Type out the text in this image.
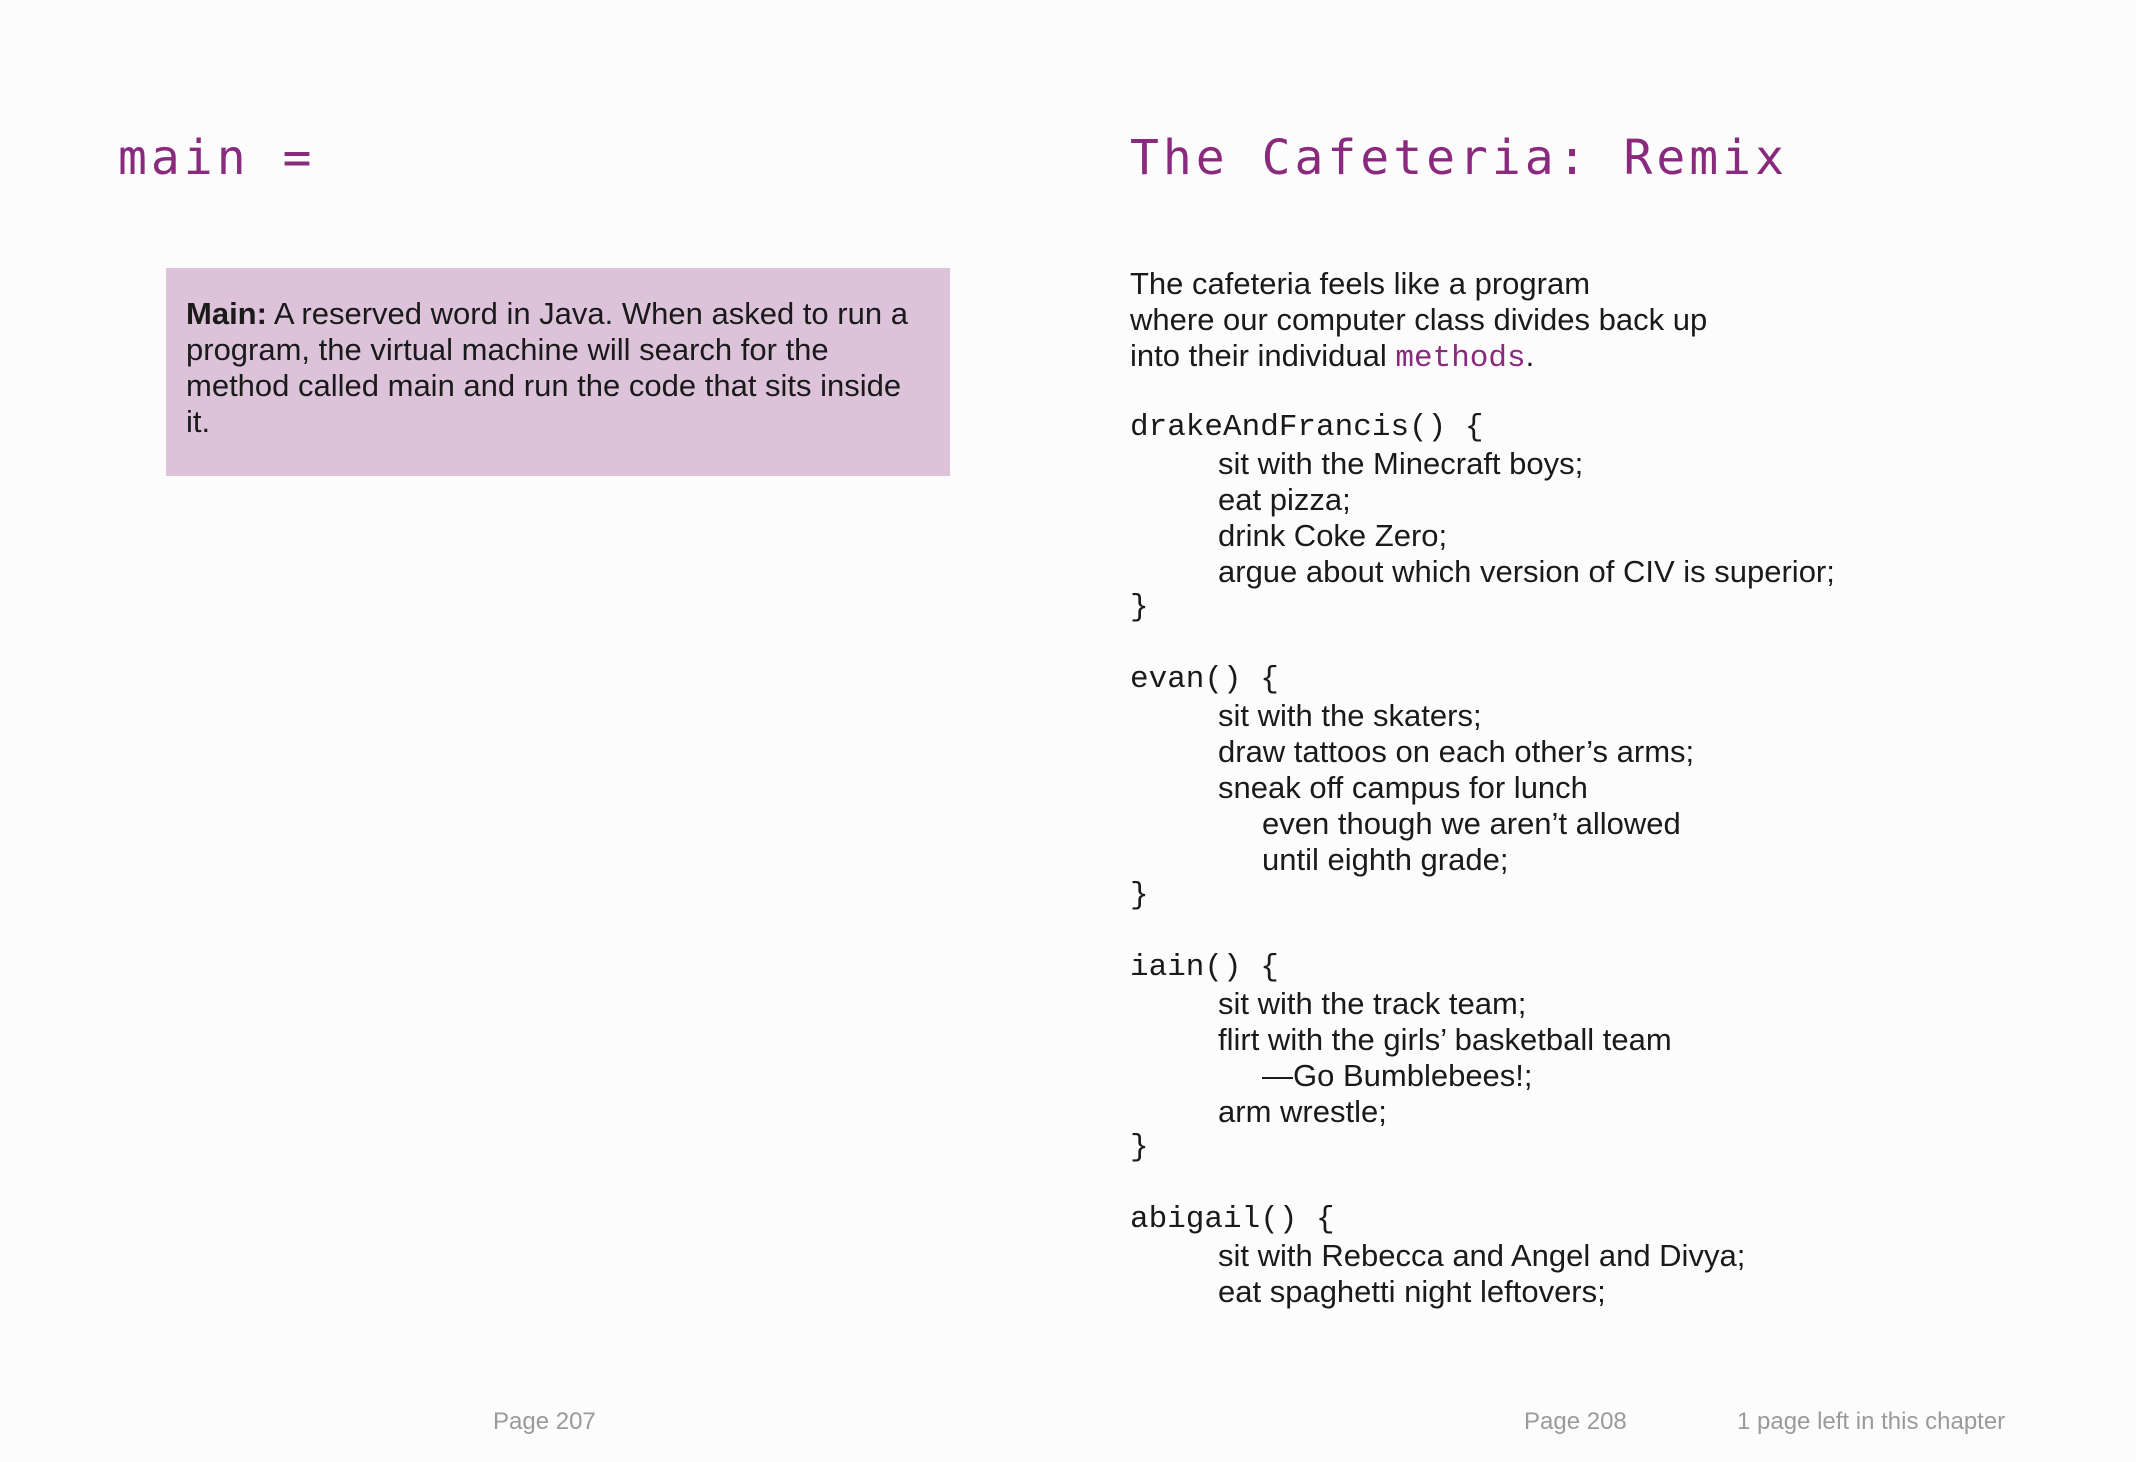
main =
Main: A reserved word in Java. When asked to run a program, the virtual machine will search for the method called main and run the code that sits inside it.
Page 207
The Cafeteria: Remix
The cafeteria feels like a program
where our computer class divides back up
into their individual methods.
drakeAndFrancis() {
sit with the Minecraft boys;
eat pizza;
drink Coke Zero;
argue about which version of CIV is superior;
}
evan() {
sit with the skaters;
draw tattoos on each other’s arms;
sneak off campus for lunch
even though we aren’t allowed
until eighth grade;
}
iain() {
sit with the track team;
flirt with the girls’ basketball team
—Go Bumblebees!;
arm wrestle;
}
abigail() {
sit with Rebecca and Angel and Divya;
eat spaghetti night leftovers;
Page 208	1 page left in this chapter
